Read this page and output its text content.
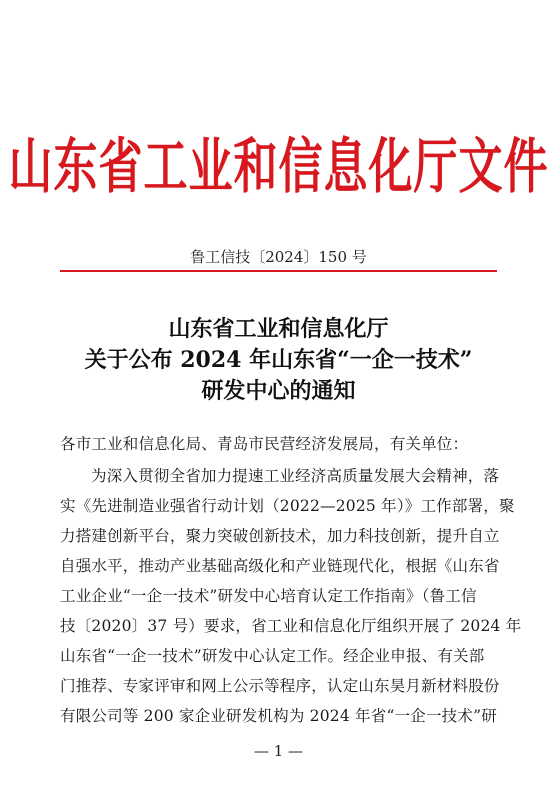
山东省工业和信息化厅文件
鲁工信技〔2024〕150 号
山东省工业和信息化厅
关于公布 2024 年山东省“一企一技术”
研发中心的通知
各市工业和信息化局、青岛市民营经济发展局，有关单位：
为深入贯彻全省加力提速工业经济高质量发展大会精神，落
实《先进制造业强省行动计划（2022—2025 年）》工作部署，聚
力搭建创新平台，聚力突破创新技术，加力科技创新，提升自立
自强水平，推动产业基础高级化和产业链现代化，根据《山东省
工业企业“一企一技术”研发中心培育认定工作指南》（鲁工信
技〔2020〕37 号）要求，省工业和信息化厅组织开展了 2024 年
山东省“一企一技术”研发中心认定工作。经企业申报、有关部
门推荐、专家评审和网上公示等程序，认定山东昊月新材料股份
有限公司等 200 家企业研发机构为 2024 年省“一企一技术”研
— 1 —
